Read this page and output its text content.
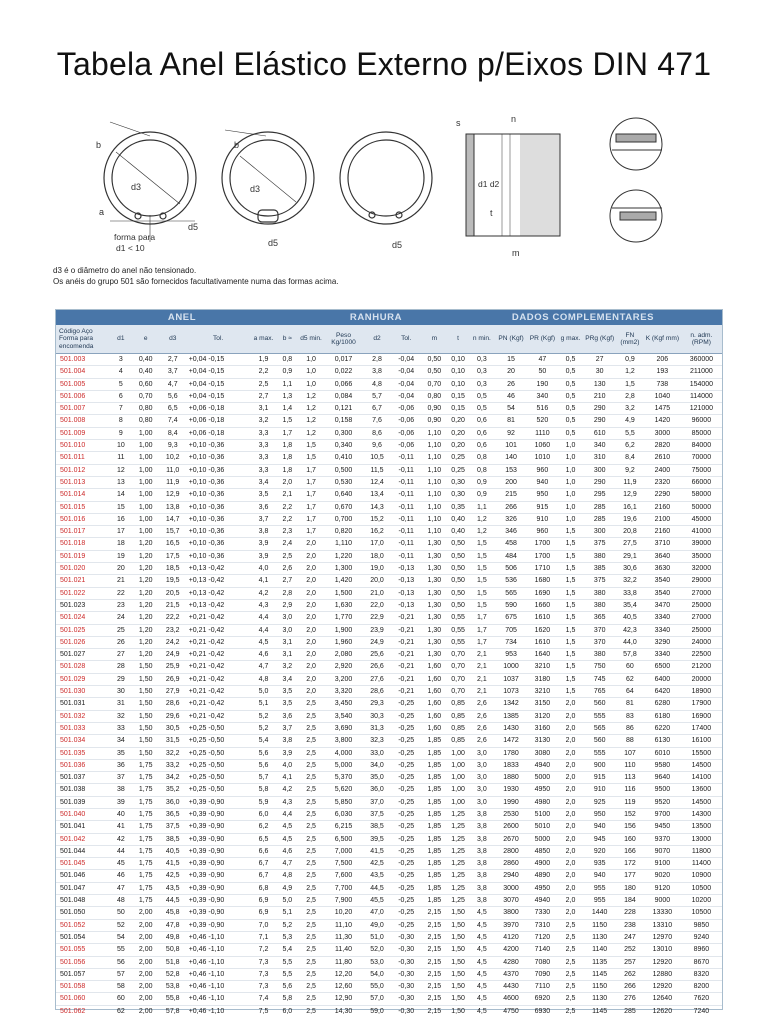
Tabela Anel Elástico Externo p/Eixos DIN 471
b
d3
a
d5
forma para
d1 < 10
b
d3
d5	d5
s	n
d1 d2
t
m
d3 é o diâmetro do anel não tensionado.
Os anéis do grupo 501 são fornecidos facultativamente numa das formas acima.
ANEL	RANHURA	DADOS COMPLEMENTARES
Código Aço Forma para encomenda	d1	e	d3	Tol.	a max.	b ≈	d5 min.	Peso Kg/1000	d2	Tol.	m	t	n min.	PN (Kgf)	PR (Kgf)	g max.	PRg (Kgf)	FN (mm2)	K (Kgf mm)	n. adm. (RPM)
501.003	3	0,40	2,7	+0,04 -0,15	1,9	0,8	1,0	0,017	2,8	-0,04	0,50	0,10	0,3	15	47	0,5	27	0,9	206	360000
501.004	4	0,40	3,7	+0,04 -0,15	2,2	0,9	1,0	0,022	3,8	-0,04	0,50	0,10	0,3	20	50	0,5	30	1,2	193	211000
501.005	5	0,60	4,7	+0,04 -0,15	2,5	1,1	1,0	0,066	4,8	-0,04	0,70	0,10	0,3	26	190	0,5	130	1,5	738	154000
501.006	6	0,70	5,6	+0,04 -0,15	2,7	1,3	1,2	0,084	5,7	-0,04	0,80	0,15	0,5	46	340	0,5	210	2,8	1040	114000
501.007	7	0,80	6,5	+0,06 -0,18	3,1	1,4	1,2	0,121	6,7	-0,06	0,90	0,15	0,5	54	516	0,5	290	3,2	1475	121000
501.008	8	0,80	7,4	+0,06 -0,18	3,2	1,5	1,2	0,158	7,6	-0,06	0,90	0,20	0,6	81	520	0,5	290	4,9	1420	96000
501.009	9	1,00	8,4	+0,06 -0,18	3,3	1,7	1,2	0,300	8,6	-0,06	1,10	0,20	0,6	92	1110	0,5	610	5,5	3000	85000
501.010	10	1,00	9,3	+0,10 -0,36	3,3	1,8	1,5	0,340	9,6	-0,06	1,10	0,20	0,6	101	1060	1,0	340	6,2	2820	84000
501.011	11	1,00	10,2	+0,10 -0,36	3,3	1,8	1,5	0,410	10,5	-0,11	1,10	0,25	0,8	140	1010	1,0	310	8,4	2610	70000
501.012	12	1,00	11,0	+0,10 -0,36	3,3	1,8	1,7	0,500	11,5	-0,11	1,10	0,25	0,8	153	960	1,0	300	9,2	2400	75000
501.013	13	1,00	11,9	+0,10 -0,36	3,4	2,0	1,7	0,530	12,4	-0,11	1,10	0,30	0,9	200	940	1,0	290	11,9	2320	66000
501.014	14	1,00	12,9	+0,10 -0,36	3,5	2,1	1,7	0,640	13,4	-0,11	1,10	0,30	0,9	215	950	1,0	295	12,9	2290	58000
501.015	15	1,00	13,8	+0,10 -0,36	3,6	2,2	1,7	0,670	14,3	-0,11	1,10	0,35	1,1	266	915	1,0	285	16,1	2160	50000
501.016	16	1,00	14,7	+0,10 -0,36	3,7	2,2	1,7	0,700	15,2	-0,11	1,10	0,40	1,2	326	910	1,0	285	19,6	2100	45000
501.017	17	1,00	15,7	+0,10 -0,36	3,8	2,3	1,7	0,820	16,2	-0,11	1,10	0,40	1,2	346	960	1,5	300	20,8	2160	41000
501.018	18	1,20	16,5	+0,10 -0,36	3,9	2,4	2,0	1,110	17,0	-0,11	1,30	0,50	1,5	458	1700	1,5	375	27,5	3710	39000
501.019	19	1,20	17,5	+0,10 -0,36	3,9	2,5	2,0	1,220	18,0	-0,11	1,30	0,50	1,5	484	1700	1,5	380	29,1	3640	35000
501.020	20	1,20	18,5	+0,13 -0,42	4,0	2,6	2,0	1,300	19,0	-0,13	1,30	0,50	1,5	506	1710	1,5	385	30,6	3630	32000
501.021	21	1,20	19,5	+0,13 -0,42	4,1	2,7	2,0	1,420	20,0	-0,13	1,30	0,50	1,5	536	1680	1,5	375	32,2	3540	29000
501.022	22	1,20	20,5	+0,13 -0,42	4,2	2,8	2,0	1,500	21,0	-0,13	1,30	0,50	1,5	565	1690	1,5	380	33,8	3540	27000
501.023	23	1,20	21,5	+0,13 -0,42	4,3	2,9	2,0	1,630	22,0	-0,13	1,30	0,50	1,5	590	1660	1,5	380	35,4	3470	25000
501.024	24	1,20	22,2	+0,21 -0,42	4,4	3,0	2,0	1,770	22,9	-0,21	1,30	0,55	1,7	675	1610	1,5	365	40,5	3340	27000
501.025	25	1,20	23,2	+0,21 -0,42	4,4	3,0	2,0	1,900	23,9	-0,21	1,30	0,55	1,7	705	1620	1,5	370	42,3	3340	25000
501.026	26	1,20	24,2	+0,21 -0,42	4,5	3,1	2,0	1,960	24,9	-0,21	1,30	0,55	1,7	734	1610	1,5	370	44,0	3290	24000
501.027	27	1,20	24,9	+0,21 -0,42	4,6	3,1	2,0	2,080	25,6	-0,21	1,30	0,70	2,1	953	1640	1,5	380	57,8	3340	22500
501.028	28	1,50	25,9	+0,21 -0,42	4,7	3,2	2,0	2,920	26,6	-0,21	1,60	0,70	2,1	1000	3210	1,5	750	60	6500	21200
501.029	29	1,50	26,9	+0,21 -0,42	4,8	3,4	2,0	3,200	27,6	-0,21	1,60	0,70	2,1	1037	3180	1,5	745	62	6400	20000
501.030	30	1,50	27,9	+0,21 -0,42	5,0	3,5	2,0	3,320	28,6	-0,21	1,60	0,70	2,1	1073	3210	1,5	765	64	6420	18900
501.031	31	1,50	28,6	+0,21 -0,42	5,1	3,5	2,5	3,450	29,3	-0,25	1,60	0,85	2,6	1342	3150	2,0	560	81	6280	17900
501.032	32	1,50	29,6	+0,21 -0,42	5,2	3,6	2,5	3,540	30,3	-0,25	1,60	0,85	2,6	1385	3120	2,0	555	83	6180	16900
501.033	33	1,50	30,5	+0,25 -0,50	5,2	3,7	2,5	3,690	31,3	-0,25	1,60	0,85	2,6	1430	3160	2,0	565	86	6220	17400
501.034	34	1,50	31,5	+0,25 -0,50	5,4	3,8	2,5	3,800	32,3	-0,25	1,85	0,85	2,6	1472	3130	2,0	560	88	6130	16100
501.035	35	1,50	32,2	+0,25 -0,50	5,6	3,9	2,5	4,000	33,0	-0,25	1,85	1,00	3,0	1780	3080	2,0	555	107	6010	15500
501.036	36	1,75	33,2	+0,25 -0,50	5,6	4,0	2,5	5,000	34,0	-0,25	1,85	1,00	3,0	1833	4940	2,0	900	110	9580	14500
501.037	37	1,75	34,2	+0,25 -0,50	5,7	4,1	2,5	5,370	35,0	-0,25	1,85	1,00	3,0	1880	5000	2,0	915	113	9640	14100
501.038	38	1,75	35,2	+0,25 -0,50	5,8	4,2	2,5	5,620	36,0	-0,25	1,85	1,00	3,0	1930	4950	2,0	910	116	9500	13600
501.039	39	1,75	36,0	+0,39 -0,90	5,9	4,3	2,5	5,850	37,0	-0,25	1,85	1,00	3,0	1990	4980	2,0	925	119	9520	14500
501.040	40	1,75	36,5	+0,39 -0,90	6,0	4,4	2,5	6,030	37,5	-0,25	1,85	1,25	3,8	2530	5100	2,0	950	152	9700	14300
501.041	41	1,75	37,5	+0,39 -0,90	6,2	4,5	2,5	6,215	38,5	-0,25	1,85	1,25	3,8	2600	5010	2,0	940	156	9450	13500
501.042	42	1,75	38,5	+0,39 -0,90	6,5	4,5	2,5	6,500	39,5	-0,25	1,85	1,25	3,8	2670	5000	2,0	945	160	9370	13000
501.044	44	1,75	40,5	+0,39 -0,90	6,6	4,6	2,5	7,000	41,5	-0,25	1,85	1,25	3,8	2800	4850	2,0	920	166	9070	11800
501.045	45	1,75	41,5	+0,39 -0,90	6,7	4,7	2,5	7,500	42,5	-0,25	1,85	1,25	3,8	2860	4900	2,0	935	172	9100	11400
501.046	46	1,75	42,5	+0,39 -0,90	6,7	4,8	2,5	7,600	43,5	-0,25	1,85	1,25	3,8	2940	4890	2,0	940	177	9020	10900
501.047	47	1,75	43,5	+0,39 -0,90	6,8	4,9	2,5	7,700	44,5	-0,25	1,85	1,25	3,8	3000	4950	2,0	955	180	9120	10500
501.048	48	1,75	44,5	+0,39 -0,90	6,9	5,0	2,5	7,900	45,5	-0,25	1,85	1,25	3,8	3070	4940	2,0	955	184	9000	10200
501.050	50	2,00	45,8	+0,39 -0,90	6,9	5,1	2,5	10,20	47,0	-0,25	2,15	1,50	4,5	3800	7330	2,0	1440	228	13330	10500
501.052	52	2,00	47,8	+0,39 -0,90	7,0	5,2	2,5	11,10	49,0	-0,25	2,15	1,50	4,5	3970	7310	2,5	1150	238	13310	9850
501.054	54	2,00	49,8	+0,46 -1,10	7,1	5,3	2,5	11,30	51,0	-0,30	2,15	1,50	4,5	4120	7120	2,5	1130	247	12970	9240
501.055	55	2,00	50,8	+0,46 -1,10	7,2	5,4	2,5	11,40	52,0	-0,30	2,15	1,50	4,5	4200	7140	2,5	1140	252	13010	8960
501.056	56	2,00	51,8	+0,46 -1,10	7,3	5,5	2,5	11,80	53,0	-0,30	2,15	1,50	4,5	4280	7080	2,5	1135	257	12920	8670
501.057	57	2,00	52,8	+0,46 -1,10	7,3	5,5	2,5	12,20	54,0	-0,30	2,15	1,50	4,5	4370	7090	2,5	1145	262	12880	8320
501.058	58	2,00	53,8	+0,46 -1,10	7,3	5,6	2,5	12,60	55,0	-0,30	2,15	1,50	4,5	4430	7110	2,5	1150	266	12920	8200
501.060	60	2,00	55,8	+0,46 -1,10	7,4	5,8	2,5	12,90	57,0	-0,30	2,15	1,50	4,5	4600	6920	2,5	1130	276	12640	7620
501.062	62	2,00	57,8	+0,46 -1,10	7,5	6,0	2,5	14,30	59,0	-0,30	2,15	1,50	4,5	4750	6930	2,5	1145	285	12620	7240
